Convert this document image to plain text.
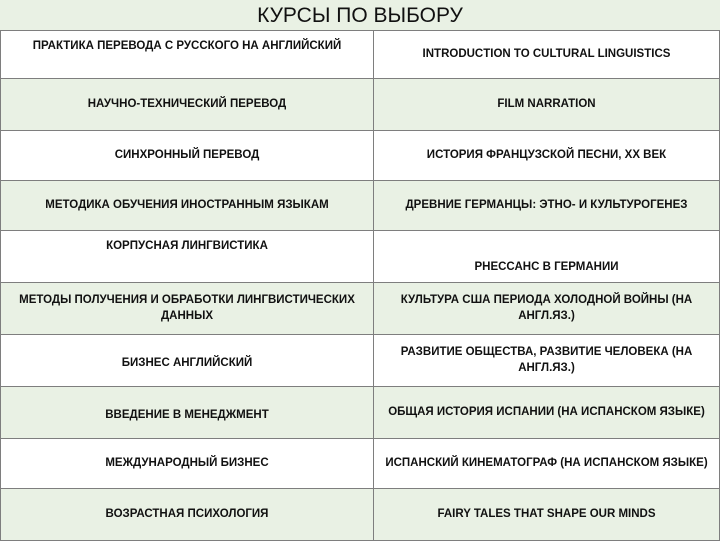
КУРСЫ ПО ВЫБОРУ
ПРАКТИКА ПЕРЕВОДА С РУССКОГО НА АНГЛИЙСКИЙ	INTRODUCTION TO CULTURAL LINGUISTICS
НАУЧНО-ТЕХНИЧЕСКИЙ ПЕРЕВОД	FILM NARRATION
СИНХРОННЫЙ ПЕРЕВОД	ИСТОРИЯ ФРАНЦУЗСКОЙ ПЕСНИ, XX ВЕК
МЕТОДИКА ОБУЧЕНИЯ ИНОСТРАННЫМ ЯЗЫКАМ	ДРЕВНИЕ ГЕРМАНЦЫ: ЭТНО- И КУЛЬТУРОГЕНЕЗ
КОРПУСНАЯ ЛИНГВИСТИКА	РНЕССАНС В ГЕРМАНИИ
МЕТОДЫ ПОЛУЧЕНИЯ И ОБРАБОТКИ ЛИНГВИСТИЧЕСКИХ ДАННЫХ	КУЛЬТУРА США ПЕРИОДА ХОЛОДНОЙ ВОЙНЫ (НА АНГЛ.ЯЗ.)
БИЗНЕС АНГЛИЙСКИЙ	РАЗВИТИЕ ОБЩЕСТВА, РАЗВИТИЕ ЧЕЛОВЕКА (НА АНГЛ.ЯЗ.)
ВВЕДЕНИЕ В МЕНЕДЖМЕНТ	ОБЩАЯ ИСТОРИЯ ИСПАНИИ (НА ИСПАНСКОМ ЯЗЫКЕ)
МЕЖДУНАРОДНЫЙ БИЗНЕС	ИСПАНСКИЙ КИНЕМАТОГРАФ (НА ИСПАНСКОМ ЯЗЫКЕ)
ВОЗРАСТНАЯ ПСИХОЛОГИЯ	FAIRY TALES THAT SHAPE OUR MINDS
